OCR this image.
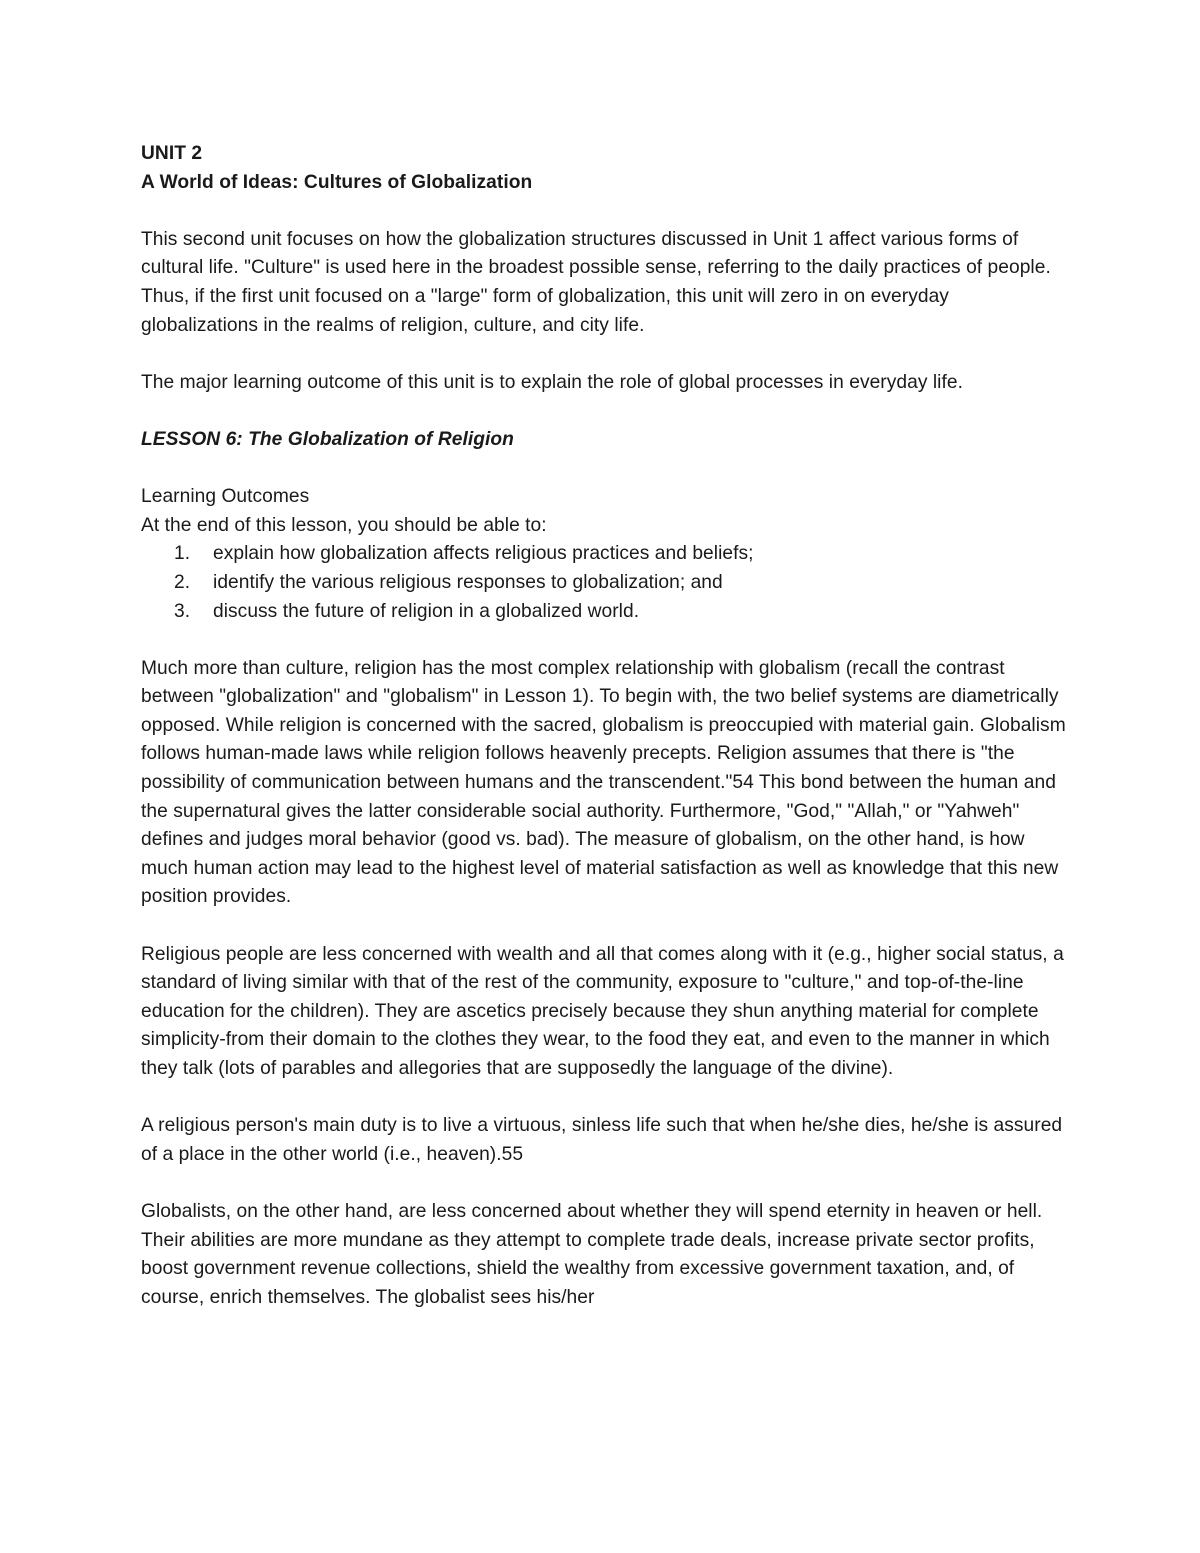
UNIT 2

A World of Ideas: Cultures of Globalization

This second unit focuses on how the globalization structures discussed in Unit 1 affect various forms of cultural life. "Culture" is used here in the broadest possible sense, referring to the daily practices of people. Thus, if the first unit focused on a "large" form of globalization, this unit will zero in on everyday globalizations in the realms of religion, culture, and city life.

The major learning outcome of this unit is to explain the role of global processes in everyday life.

LESSON 6: The Globalization of Religion

Learning Outcomes

At the end of this lesson, you should be able to:

1. explain how globalization affects religious practices and beliefs;
2. identify the various religious responses to globalization; and
3. discuss the future of religion in a globalized world.

Much more than culture, religion has the most complex relationship with globalism (recall the contrast between "globalization" and "globalism" in Lesson 1). To begin with, the two belief systems are diametrically opposed. While religion is concerned with the sacred, globalism is preoccupied with material gain. Globalism follows human-made laws while religion follows heavenly precepts. Religion assumes that there is "the possibility of communication between humans and the transcendent."54 This bond between the human and the supernatural gives the latter considerable social authority. Furthermore, "God," "Allah," or "Yahweh" defines and judges moral behavior (good vs. bad). The measure of globalism, on the other hand, is how much human action may lead to the highest level of material satisfaction as well as knowledge that this new position provides.

Religious people are less concerned with wealth and all that comes along with it (e.g., higher social status, a standard of living similar with that of the rest of the community, exposure to "culture," and top-of-the-line education for the children). They are ascetics precisely because they shun anything material for complete simplicity-from their domain to the clothes they wear, to the food they eat, and even to the manner in which they talk (lots of parables and allegories that are supposedly the language of the divine).

A religious person's main duty is to live a virtuous, sinless life such that when he/she dies, he/she is assured of a place in the other world (i.e., heaven).55

Globalists, on the other hand, are less concerned about whether they will spend eternity in heaven or hell. Their abilities are more mundane as they attempt to complete trade deals, increase private sector profits, boost government revenue collections, shield the wealthy from excessive government taxation, and, of course, enrich themselves. The globalist sees his/her
